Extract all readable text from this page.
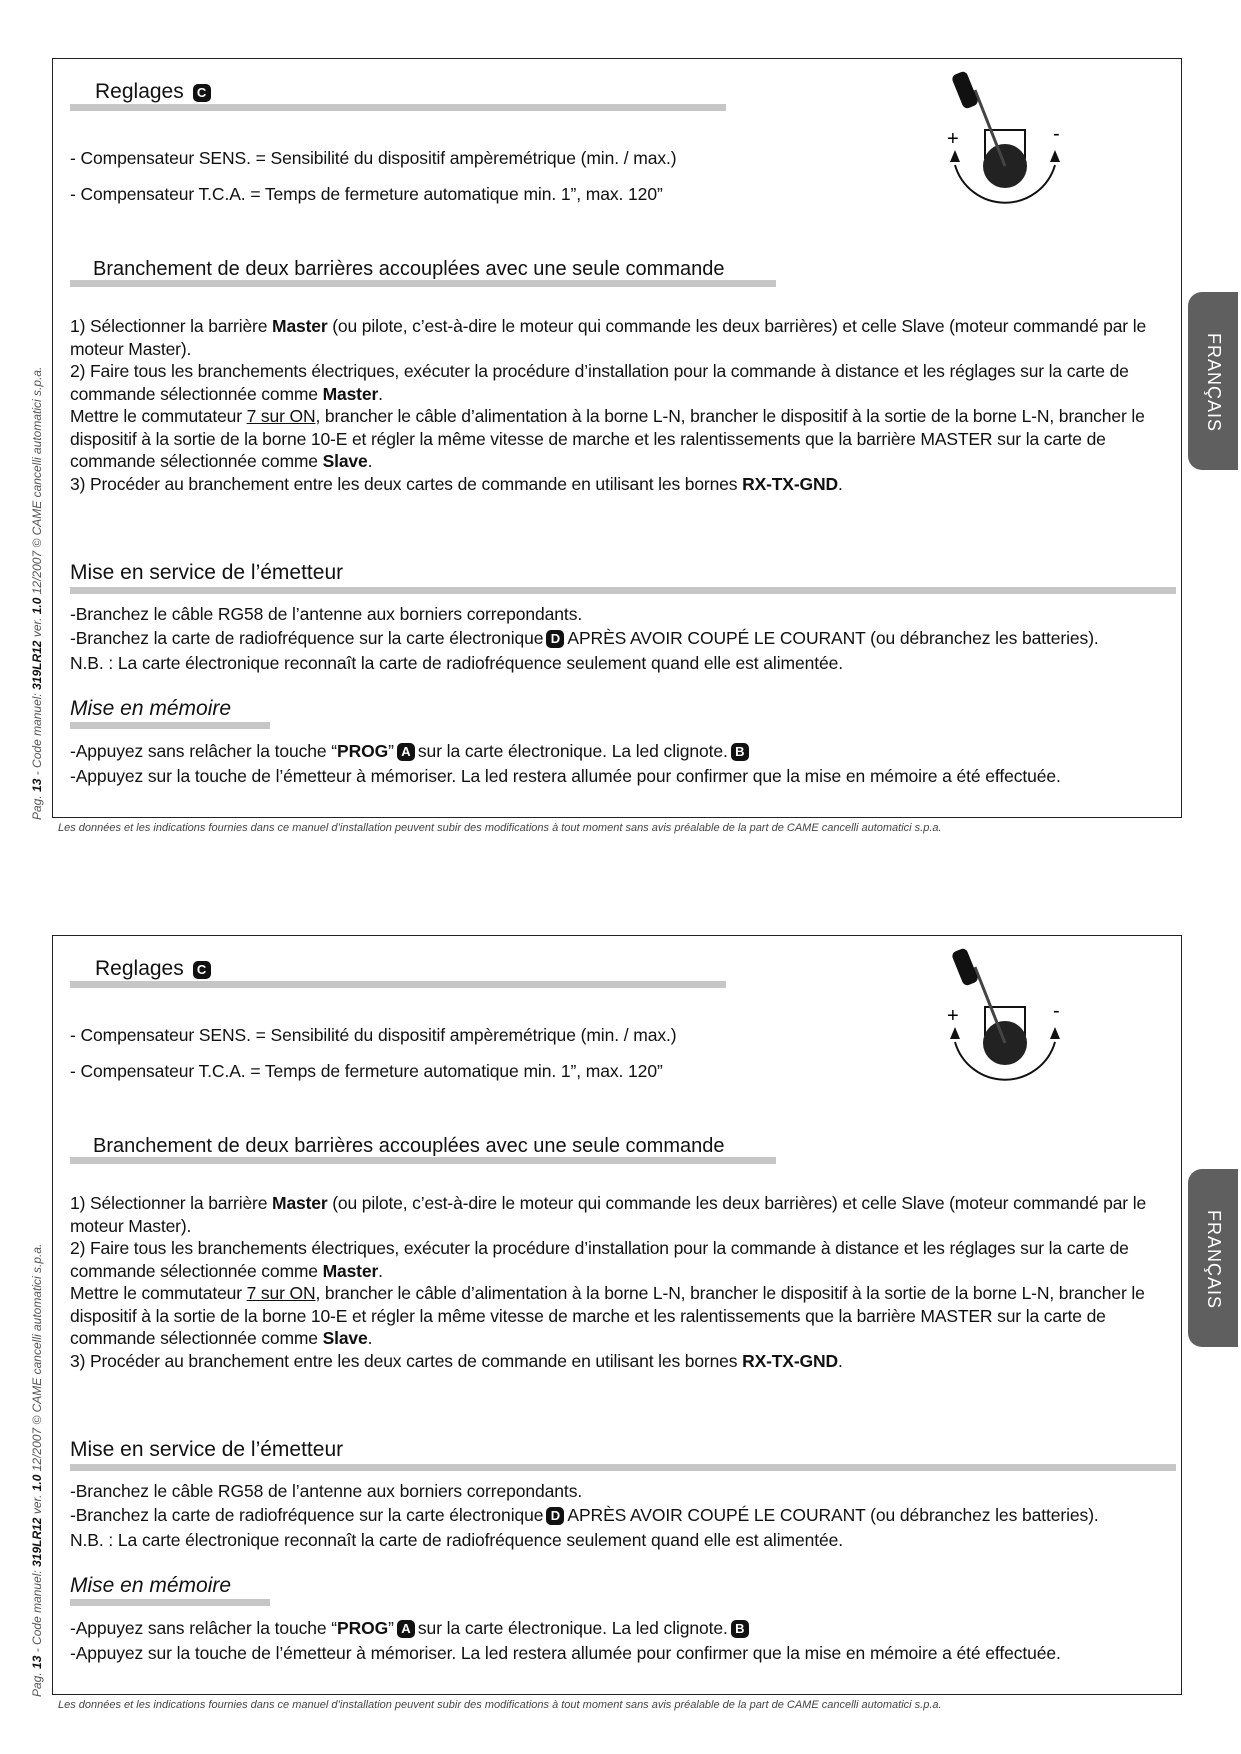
Reglages C
- Compensateur SENS. = Sensibilité du dispositif ampèremétrique (min. / max.)
- Compensateur T.C.A. = Temps de fermeture automatique min. 1”, max. 120”
+	-
Branchement de deux barrières accouplées avec une seule commande
1) Sélectionner la barrière Master (ou pilote, c’est-à-dire le moteur qui commande les deux barrières) et celle Slave (moteur commandé par le moteur Master).
2) Faire tous les branchements électriques, exécuter la procédure d’installation pour la commande à distance et les réglages sur la carte de commande sélectionnée comme Master.
Mettre le commutateur 7 sur ON, brancher le câble d’alimentation à la borne L-N, brancher le dispositif à la sortie de la borne L-N, brancher le dispositif à la sortie de la borne 10-E et régler la même vitesse de marche et les ralentissements que la barrière MASTER sur la carte de commande sélectionnée comme Slave.
3) Procéder au branchement entre les deux cartes de commande en utilisant les bornes RX-TX-GND.
Mise en service de l’émetteur
-Branchez le câble RG58 de l’antenne aux borniers correpondants.
-Branchez la carte de radiofréquence sur la carte électronique D APRÈS AVOIR COUPÉ LE COURANT (ou débranchez les batteries).
N.B. : La carte électronique reconnaît la carte de radiofréquence seulement quand elle est alimentée.
Mise en mémoire
-Appuyez sans relâcher la touche “PROG” A sur la carte électronique. La led clignote. B
-Appuyez sur la touche de l’émetteur à mémoriser. La led restera allumée pour confirmer que la mise en mémoire a été effectuée.
Pag. 13 - Code manuel: 319LR12 ver. 1.0 12/2007 © CAME cancelli automatici s.p.a.	FRANÇAIS
Les données et les indications fournies dans ce manuel d’installation peuvent subir des modifications à tout moment sans avis préalable de la part de CAME cancelli automatici s.p.a.
Reglages C
- Compensateur SENS. = Sensibilité du dispositif ampèremétrique (min. / max.)
- Compensateur T.C.A. = Temps de fermeture automatique min. 1”, max. 120”
+	-
Branchement de deux barrières accouplées avec une seule commande
1) Sélectionner la barrière Master (ou pilote, c’est-à-dire le moteur qui commande les deux barrières) et celle Slave (moteur commandé par le moteur Master).
2) Faire tous les branchements électriques, exécuter la procédure d’installation pour la commande à distance et les réglages sur la carte de commande sélectionnée comme Master.
Mettre le commutateur 7 sur ON, brancher le câble d’alimentation à la borne L-N, brancher le dispositif à la sortie de la borne L-N, brancher le dispositif à la sortie de la borne 10-E et régler la même vitesse de marche et les ralentissements que la barrière MASTER sur la carte de commande sélectionnée comme Slave.
3) Procéder au branchement entre les deux cartes de commande en utilisant les bornes RX-TX-GND.
Mise en service de l’émetteur
-Branchez le câble RG58 de l’antenne aux borniers correpondants.
-Branchez la carte de radiofréquence sur la carte électronique D APRÈS AVOIR COUPÉ LE COURANT (ou débranchez les batteries).
N.B. : La carte électronique reconnaît la carte de radiofréquence seulement quand elle est alimentée.
Mise en mémoire
-Appuyez sans relâcher la touche “PROG” A sur la carte électronique. La led clignote. B
-Appuyez sur la touche de l’émetteur à mémoriser. La led restera allumée pour confirmer que la mise en mémoire a été effectuée.
Pag. 13 - Code manuel: 319LR12 ver. 1.0 12/2007 © CAME cancelli automatici s.p.a.	FRANÇAIS
Les données et les indications fournies dans ce manuel d’installation peuvent subir des modifications à tout moment sans avis préalable de la part de CAME cancelli automatici s.p.a.
